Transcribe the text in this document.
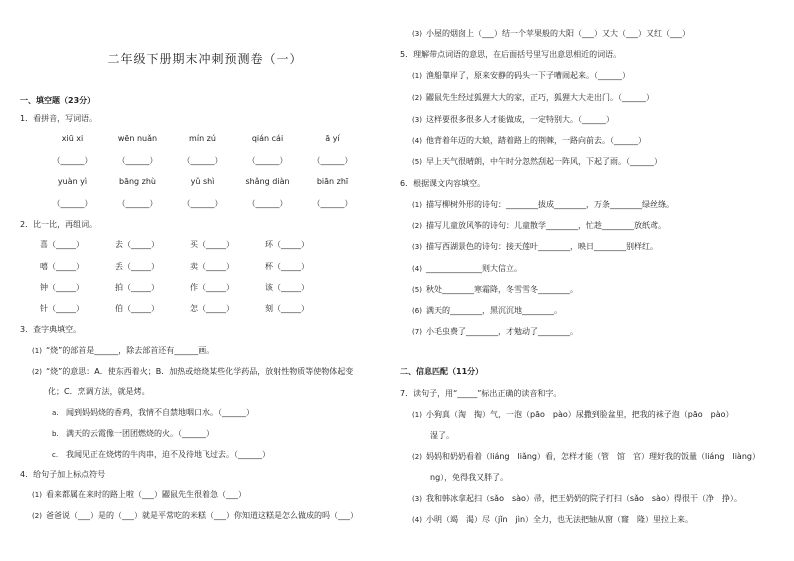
二年级下册期末冲刺预测卷（一）
一、填空题（23分）
1．看拼音，写词语。
xiū xi	wēn nuǎn	mín zú	qián cái	ā yí
（______）	（______）	（______）	（______）	（______）
yuàn yì	bāng zhù	yǔ shì	shǎng diàn	biān zhī
（______）	（______）	（______）	（______）	（______）
2．比一比，再组词。
喜（_____）	去（_____）	买（_____）	环（_____）
嘻（_____）	丢（_____）	卖（_____）	杯（_____）
钟（_____）	拍（_____）	作（_____）	该（_____）
针（_____）	伯（_____）	怎（_____）	刻（_____）
3．查字典填空。
(1) “烧”的部首是______，除去部首还有______画。
(2) “烧”的意思：A．使东西着火；B．加热或焙烧某些化学药品，放射性物质等使物体起变
化；C．烹调方法，就是烤。
a. 闻到妈妈烧的香鸡，我情不自禁地咽口水。（______）
b. 满天的云霞像一团团燃烧的火。（______）
c. 我闻见正在烧烤的牛肉串，迫不及待地飞过去。（______）
4．给句子加上标点符号
(1) 看来都属在来时的路上啦（___）鼹鼠先生很着急（___）
(2) 爸爸说（___）是的（___）就是平常吃的米糕（___）你知道这糕是怎么做成的吗（___）
(3) 小屋的烟囱上（___）结一个苹果般的大阳（___）又大（___）又红（___）
5．理解带点词语的意思，在后面括号里写出意思相近的词语。
(1) 渔船靠岸了，原来安静的码头一下子嘈闹起来。（______）
(2) 鼹鼠先生经过狐狸大大的家，正巧，狐狸大大走出门。（______）
(3) 这样要很多很多人才能做成，一定特别大。（______）
(4) 他背着年迈的大娘，踏着路上的荆棘，一路向前去。（______）
(5) 早上天气很晴朗，中午时分忽然刮起一阵风，下起了雨。（______）
6．根据课文内容填空。
(1) 描写柳树外形的诗句：________拔成________，万条________绿丝绦。
(2) 描写儿童放风筝的诗句：儿童散学________，忙趁________放纸鸢。
(3) 描写西湖景色的诗句：接天莲叶________，映日________别样红。
(4) ______________则大信立。
(5) 秋处________寒霜降，冬雪雪冬________。
(6) 满天的________，黑沉沉地________。
(7) 小毛虫费了________，才勉动了________。
二、信息匹配（11分）
7．读句子，用“_____”标出正确的读音和字。
(1) 小狗真（淘　掏）气，一泡（pāo　pào）尿撒到脸盆里，把我的袜子泡（pāo　pào）
湿了。
(2) 妈妈和奶奶看着（liáng　liǎng）看，怎样才能（管　馆　官）理好我的饭量（liáng　liàng）
ng），免得我又胖了。
(3) 我和韩冰拿起扫（sǎo　sào）帚，把王奶奶的院子打扫（sǎo　sào）得很干（净　挣）。
(4) 小明（竭　渴）尽（jǐn　jìn）全力，也无法把轴从窗（窿　隆）里拉上来。
